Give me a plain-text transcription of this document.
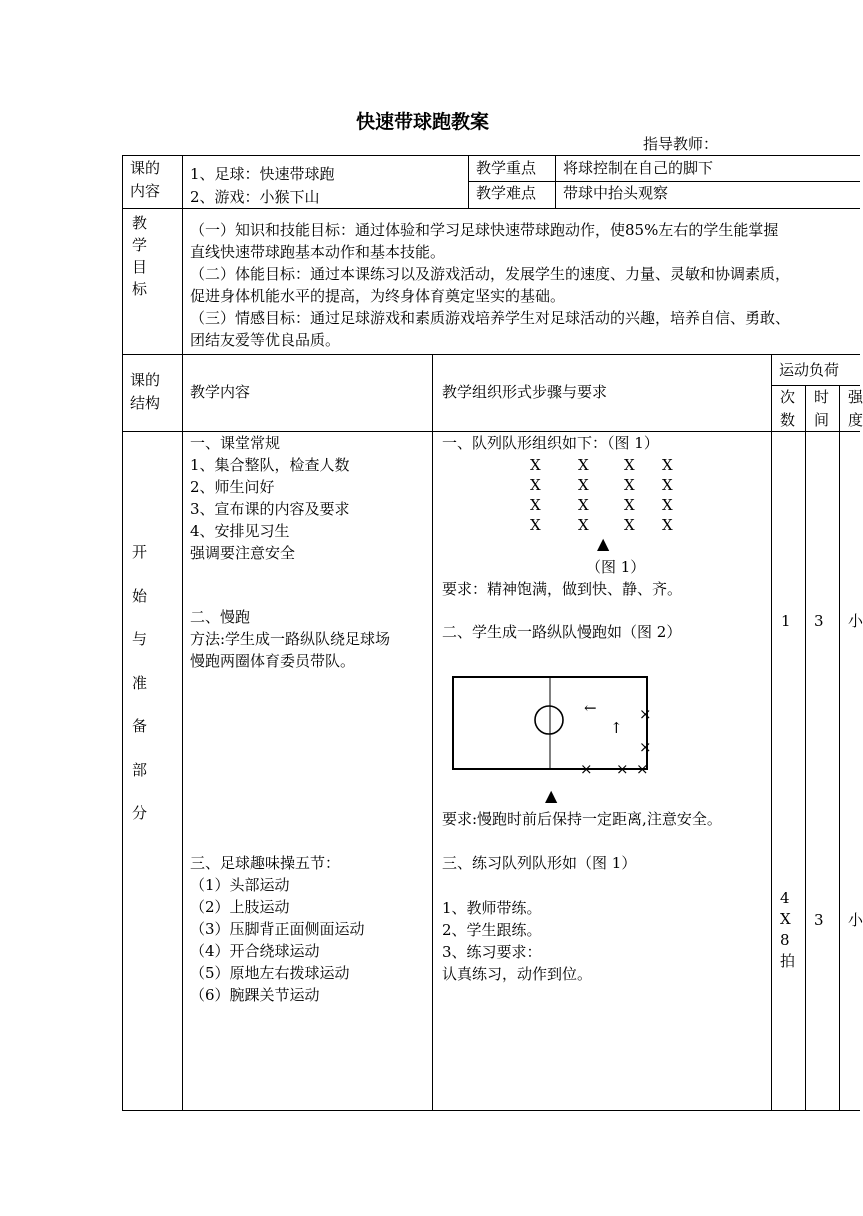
快速带球跑教案
指导教师：
课的
内容
1、足球：快速带球跑
2、游戏：小猴下山
教学重点 将球控制在自己的脚下
教学难点 带球中抬头观察
教
学
目
标
（一）知识和技能目标：通过体验和学习足球快速带球跑动作，使85%左右的学生能掌握
直线快速带球跑基本动作和基本技能。
（二）体能目标：通过本课练习以及游戏活动，发展学生的速度、力量、灵敏和协调素质，
促进身体机能水平的提高，为终身体育奠定坚实的基础。
（三）情感目标：通过足球游戏和素质游戏培养学生对足球活动的兴趣，培养自信、勇敢、
团结友爱等优良品质。
课的
结构
教学内容	教学组织形式步骤与要求
运动负荷
次
数
时
间
强
度
开
始
与
准
备
部
分
一、课堂常规
1、集合整队，检查人数
2、师生问好
3、宣布课的内容及要求
4、安排见习生
强调要注意安全
二、慢跑
方法:学生成一路纵队绕足球场
慢跑两圈体育委员带队。
三、足球趣味操五节：
（1）头部运动
（2）上肢运动
（3）压脚背正面侧面运动
（4）开合绕球运动
（5）原地左右拨球运动
（6）腕踝关节运动
一、队列队形组织如下：（图 1）
X X X X
X X X X
X X X X
X X X X
▲
（图 1）
要求：精神饱满，做到快、静、齐。
二、学生成一路纵队慢跑如（图 2）
←
↑
×
×
× × ×
▲
要求:慢跑时前后保持一定距离,注意安全。
三、练习队列队形如（图 1）
1、教师带练。
2、学生跟练。
3、练习要求：
认真练习，动作到位。
1 3 小
4
X
8
拍
3 小
